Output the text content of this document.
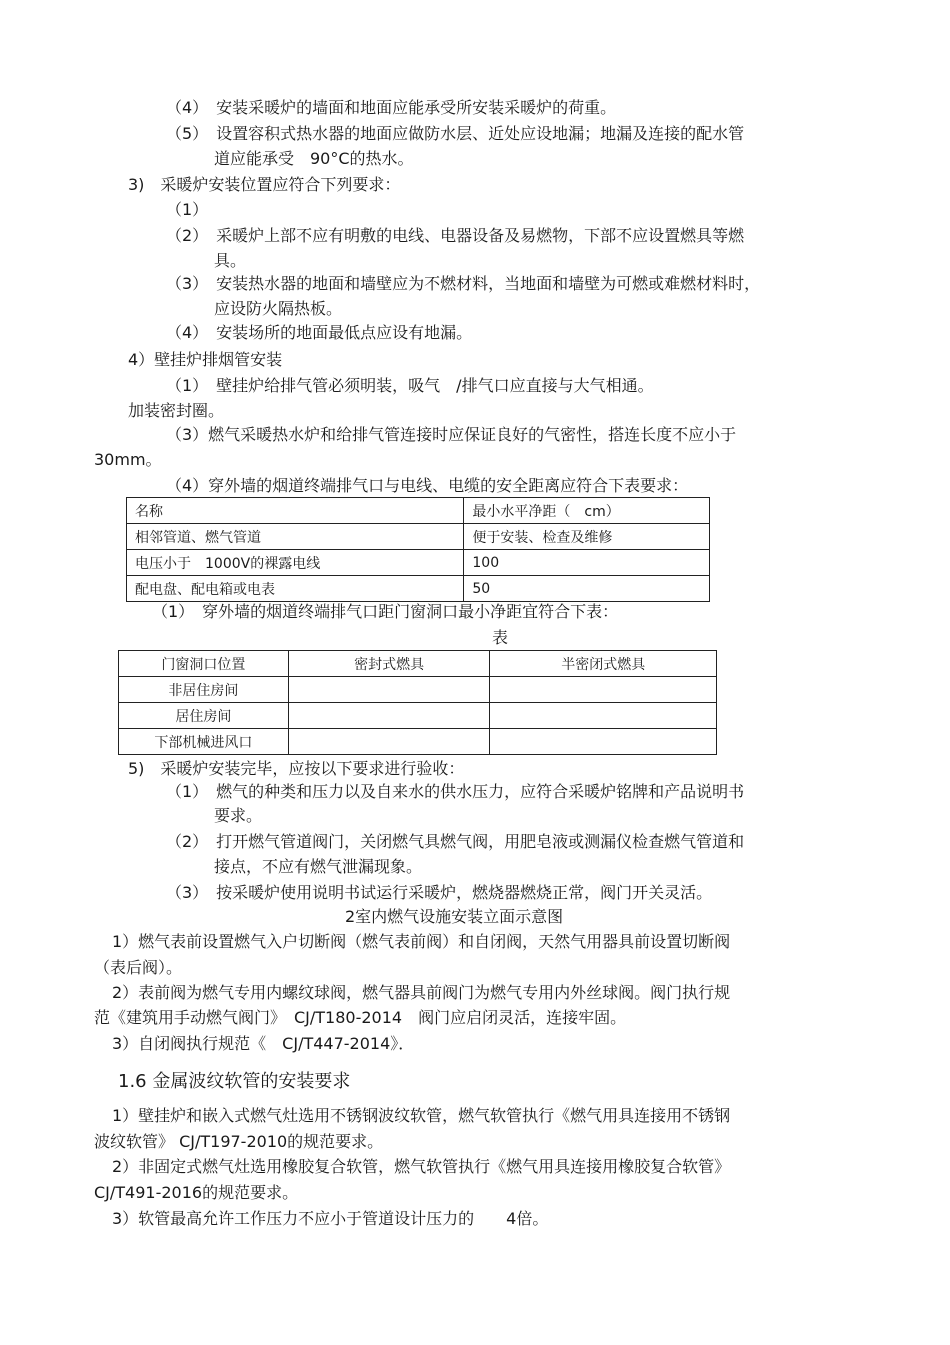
（4）　安装采暖炉的墙面和地面应能承受所安装采暖炉的荷重。
（5）　设置容积式热水器的地面应做防水层、近处应设地漏；地漏及连接的配水管
道应能承受　90°C的热水。
3)　采暖炉安装位置应符合下列要求：
（1）
（2）　采暖炉上部不应有明敷的电线、电器设备及易燃物，下部不应设置燃具等燃
具。
（3）　安装热水器的地面和墙壁应为不燃材料，当地面和墙壁为可燃或难燃材料时，
应设防火隔热板。
（4）　安装场所的地面最低点应设有地漏。
4）壁挂炉排烟管安装
（1）　壁挂炉给排气管必须明装，吸气　/排气口应直接与大气相通。
加装密封圈。
（3）燃气采暖热水炉和给排气管连接时应保证良好的气密性，搭连长度不应小于
30mm。
（4）穿外墙的烟道终端排气口与电线、电缆的安全距离应符合下表要求：
名称	最小水平净距（　cm）
相邻管道、燃气管道	便于安装、检查及维修
电压小于　1000V的裸露电线	100
配电盘、配电箱或电表	50
（1）　穿外墙的烟道终端排气口距门窗洞口最小净距宜符合下表：
表
门窗洞口位置	密封式燃具	半密闭式燃具
非居住房间		
居住房间		
下部机械进风口		
5)　采暖炉安装完毕，应按以下要求进行验收：
（1）　燃气的种类和压力以及自来水的供水压力，应符合采暖炉铭牌和产品说明书
要求。
（2）　打开燃气管道阀门，关闭燃气具燃气阀，用肥皂液或测漏仪检查燃气管道和
接点，不应有燃气泄漏现象。
（3）　按采暖炉使用说明书试运行采暖炉，燃烧器燃烧正常，阀门开关灵活。
2室内燃气设施安装立面示意图
1）燃气表前设置燃气入户切断阀（燃气表前阀）和自闭阀，天然气用器具前设置切断阀
（表后阀）。
2）表前阀为燃气专用内螺纹球阀，燃气器具前阀门为燃气专用内外丝球阀。阀门执行规
范《建筑用手动燃气阀门》　CJ/T180-2014　阀门应启闭灵活，连接牢固。
3）自闭阀执行规范《　CJ/T447-2014》．
1.6 金属波纹软管的安装要求
1）壁挂炉和嵌入式燃气灶选用不锈钢波纹软管，燃气软管执行《燃气用具连接用不锈钢
波纹软管》 CJ/T197-2010的规范要求。
2）非固定式燃气灶选用橡胶复合软管，燃气软管执行《燃气用具连接用橡胶复合软管》
CJ/T491-2016的规范要求。
3）软管最高允许工作压力不应小于管道设计压力的　　4倍。
